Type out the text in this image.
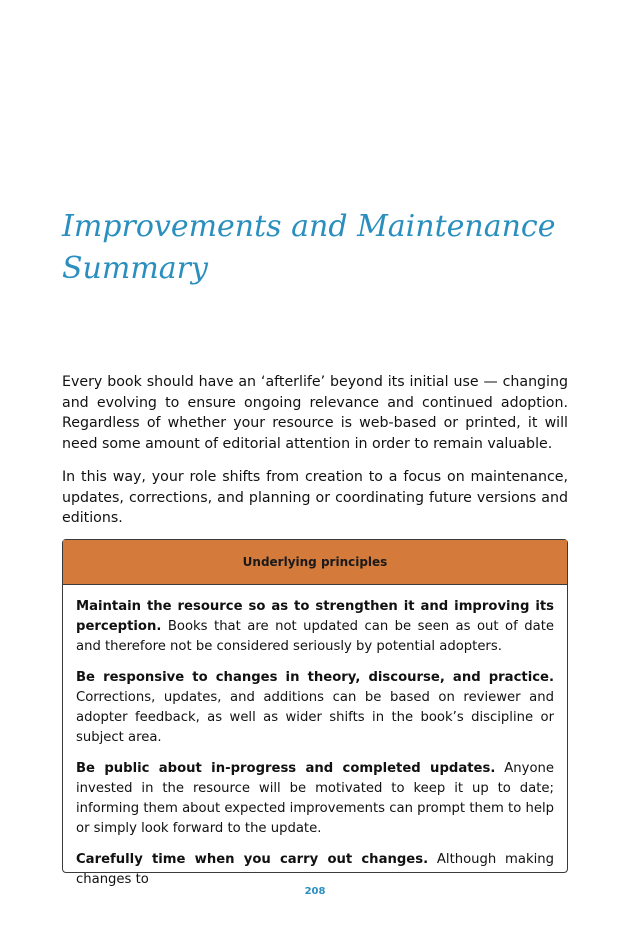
Improvements and Maintenance
Summary

Every book should have an ‘afterlife’ beyond its initial use — changing and evolving to ensure ongoing relevance and continued adoption. Regardless of whether your resource is web-based or printed, it will need some amount of editorial attention in order to remain valuable.

In this way, your role shifts from creation to a focus on maintenance, updates, corrections, and planning or coordinating future versions and editions.

Underlying principles

Maintain the resource so as to strengthen it and improving its perception. Books that are not updated can be seen as out of date and therefore not be considered seriously by potential adopters.

Be responsive to changes in theory, discourse, and practice. Corrections, updates, and additions can be based on reviewer and adopter feedback, as well as wider shifts in the book’s discipline or subject area.

Be public about in-progress and completed updates. Anyone invested in the resource will be motivated to keep it up to date; informing them about expected improvements can prompt them to help or simply look forward to the update.

Carefully time when you carry out changes. Although making changes to

208
